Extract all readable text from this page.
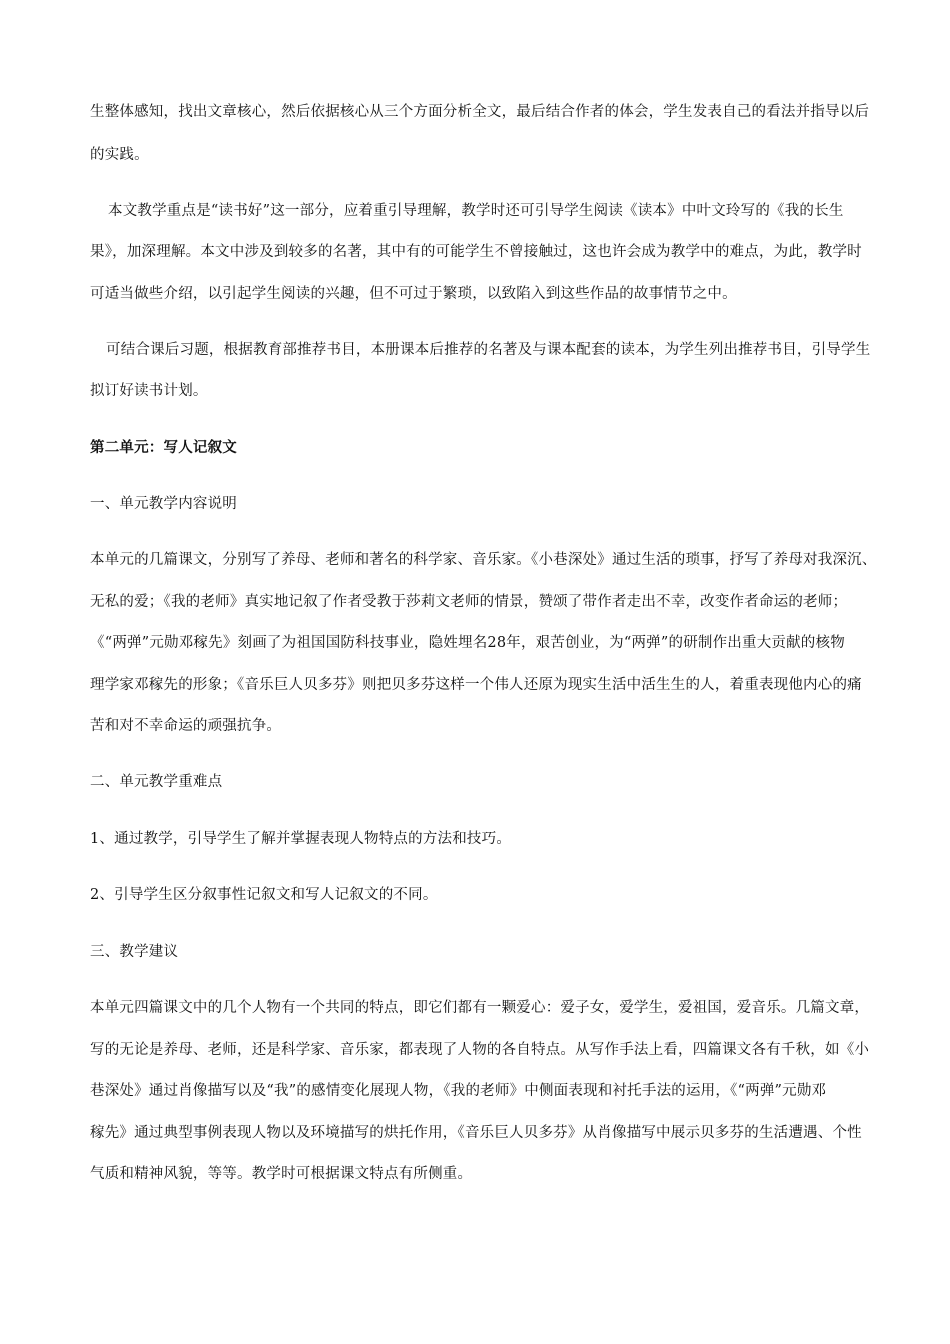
生整体感知，找出文章核心，然后依据核心从三个方面分析全文，最后结合作者的体会，学生发表自己的看法并指导以后
的实践。
本文教学重点是“读书好”这一部分，应着重引导理解，教学时还可引导学生阅读《读本》中叶文玲写的《我的长生
果》，加深理解。本文中涉及到较多的名著，其中有的可能学生不曾接触过，这也许会成为教学中的难点，为此，教学时
可适当做些介绍，以引起学生阅读的兴趣，但不可过于繁琐，以致陷入到这些作品的故事情节之中。
可结合课后习题，根据教育部推荐书目，本册课本后推荐的名著及与课本配套的读本，为学生列出推荐书目，引导学生
拟订好读书计划。
第二单元：写人记叙文
一、单元教学内容说明
本单元的几篇课文，分别写了养母、老师和著名的科学家、音乐家。《小巷深处》通过生活的琐事，抒写了养母对我深沉、
无私的爱；《我的老师》真实地记叙了作者受教于莎莉文老师的情景，赞颂了带作者走出不幸，改变作者命运的老师；
《“两弹”元勋邓稼先》刻画了为祖国国防科技事业，隐姓埋名28年，艰苦创业，为“两弹”的研制作出重大贡献的核物
理学家邓稼先的形象；《音乐巨人贝多芬》则把贝多芬这样一个伟人还原为现实生活中活生生的人，着重表现他内心的痛
苦和对不幸命运的顽强抗争。
二、单元教学重难点
1、通过教学，引导学生了解并掌握表现人物特点的方法和技巧。
2、引导学生区分叙事性记叙文和写人记叙文的不同。
三、教学建议
本单元四篇课文中的几个人物有一个共同的特点，即它们都有一颗爱心：爱子女，爱学生，爱祖国，爱音乐。几篇文章，
写的无论是养母、老师，还是科学家、音乐家，都表现了人物的各自特点。从写作手法上看，四篇课文各有千秋，如《小
巷深处》通过肖像描写以及“我”的感情变化展现人物，《我的老师》中侧面表现和衬托手法的运用，《“两弹”元勋邓
稼先》通过典型事例表现人物以及环境描写的烘托作用，《音乐巨人贝多芬》从肖像描写中展示贝多芬的生活遭遇、个性
气质和精神风貌，等等。教学时可根据课文特点有所侧重。
